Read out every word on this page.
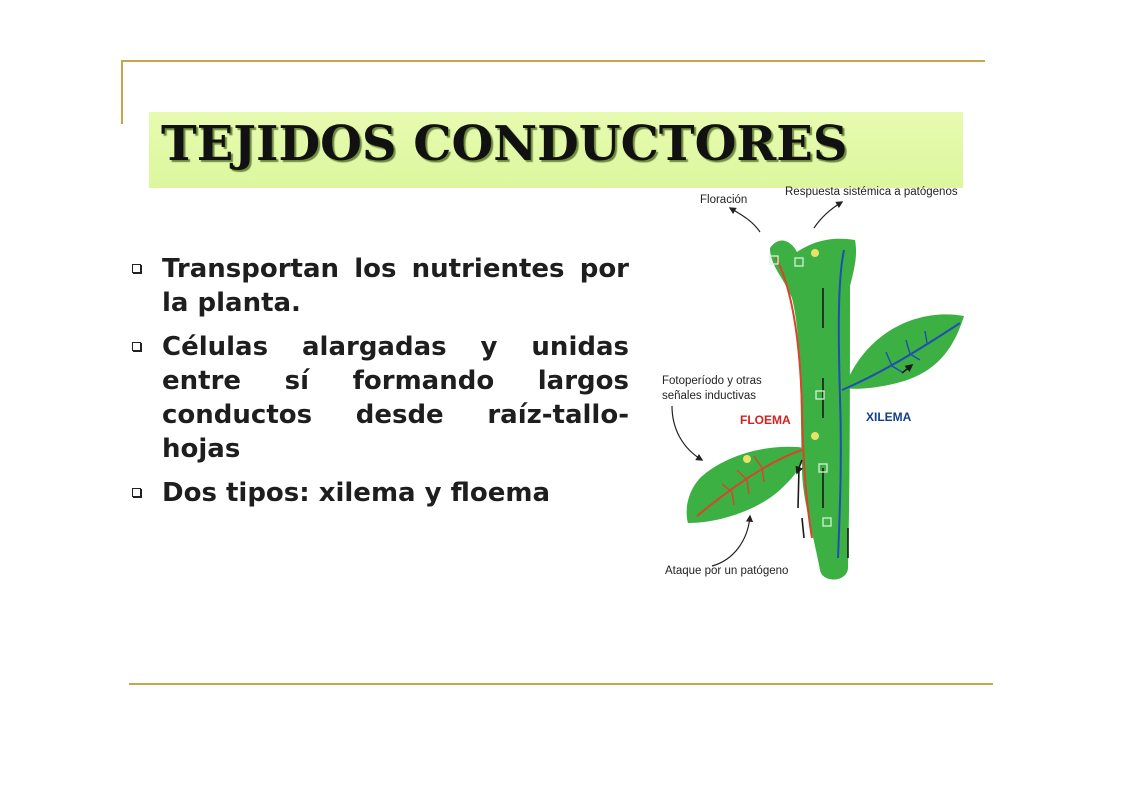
TEJIDOS CONDUCTORES
Transportan los nutrientes por la planta.
Células alargadas y unidas entre sí formando largos conductos desde raíz-tallo-hojas
Dos tipos: xilema y floema
Floración
Respuesta sistémica a patógenos
Fotoperíodo y otras
señales inductivas
FLOEMA	XILEMA
Ataque por un patógeno
